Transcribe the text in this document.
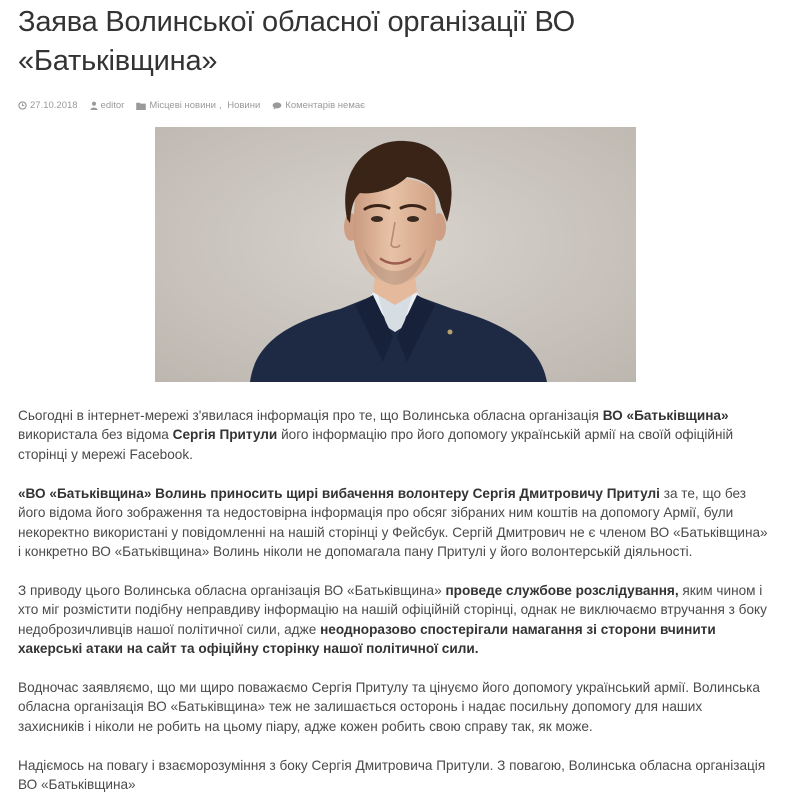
Заява Волинської обласної організації ВО «Батьківщина»
27.10.2018 editor	Місцеві новини , Новини	Коментарів немає

Сьогодні в інтернет-мережі з'явилася інформація про те, що Волинська обласна організація ВО «Батьківщина» використала без відома Сергія Притули його інформацію про його допомогу українській армії на своїй офіційній сторінці у мережі Facebook.

«ВО «Батьківщина» Волинь приносить щирі вибачення волонтеру Сергія Дмитровичу Притулі за те, що без його відома його зображення та недостовірна інформація про обсяг зібраних ним коштів на допомогу Армії, були некоректно використані у повідомленні на нашій сторінці у Фейсбук. Сергій Дмитрович не є членом ВО «Батьківщина» і конкретно ВО «Батьківщина» Волинь ніколи не допомагала пану Притулі у його волонтерській діяльності.

З приводу цього Волинська обласна організація ВО «Батьківщина» проведе службове розслідування, яким чином і хто міг розмістити подібну неправдиву інформацію на нашій офіційній сторінці, однак не виключаємо втручання з боку недоброзичливців нашої політичної сили, адже неодноразово спостерігали намагання зі сторони вчинити хакерські атаки на сайт та офіційну сторінку нашої політичної сили.

Водночас заявляємо, що ми щиро поважаємо Сергія Притулу та цінуємо його допомогу український армії. Волинська обласна організація ВО «Батьківщина» теж не залишається осторонь і надає посильну допомогу для наших захисників і ніколи не робить на цьому піару, адже кожен робить свою справу так, як може.

Надіємось на повагу і взаєморозуміння з боку Сергія Дмитровича Притули. З повагою, Волинська обласна організація ВО «Батьківщина»
